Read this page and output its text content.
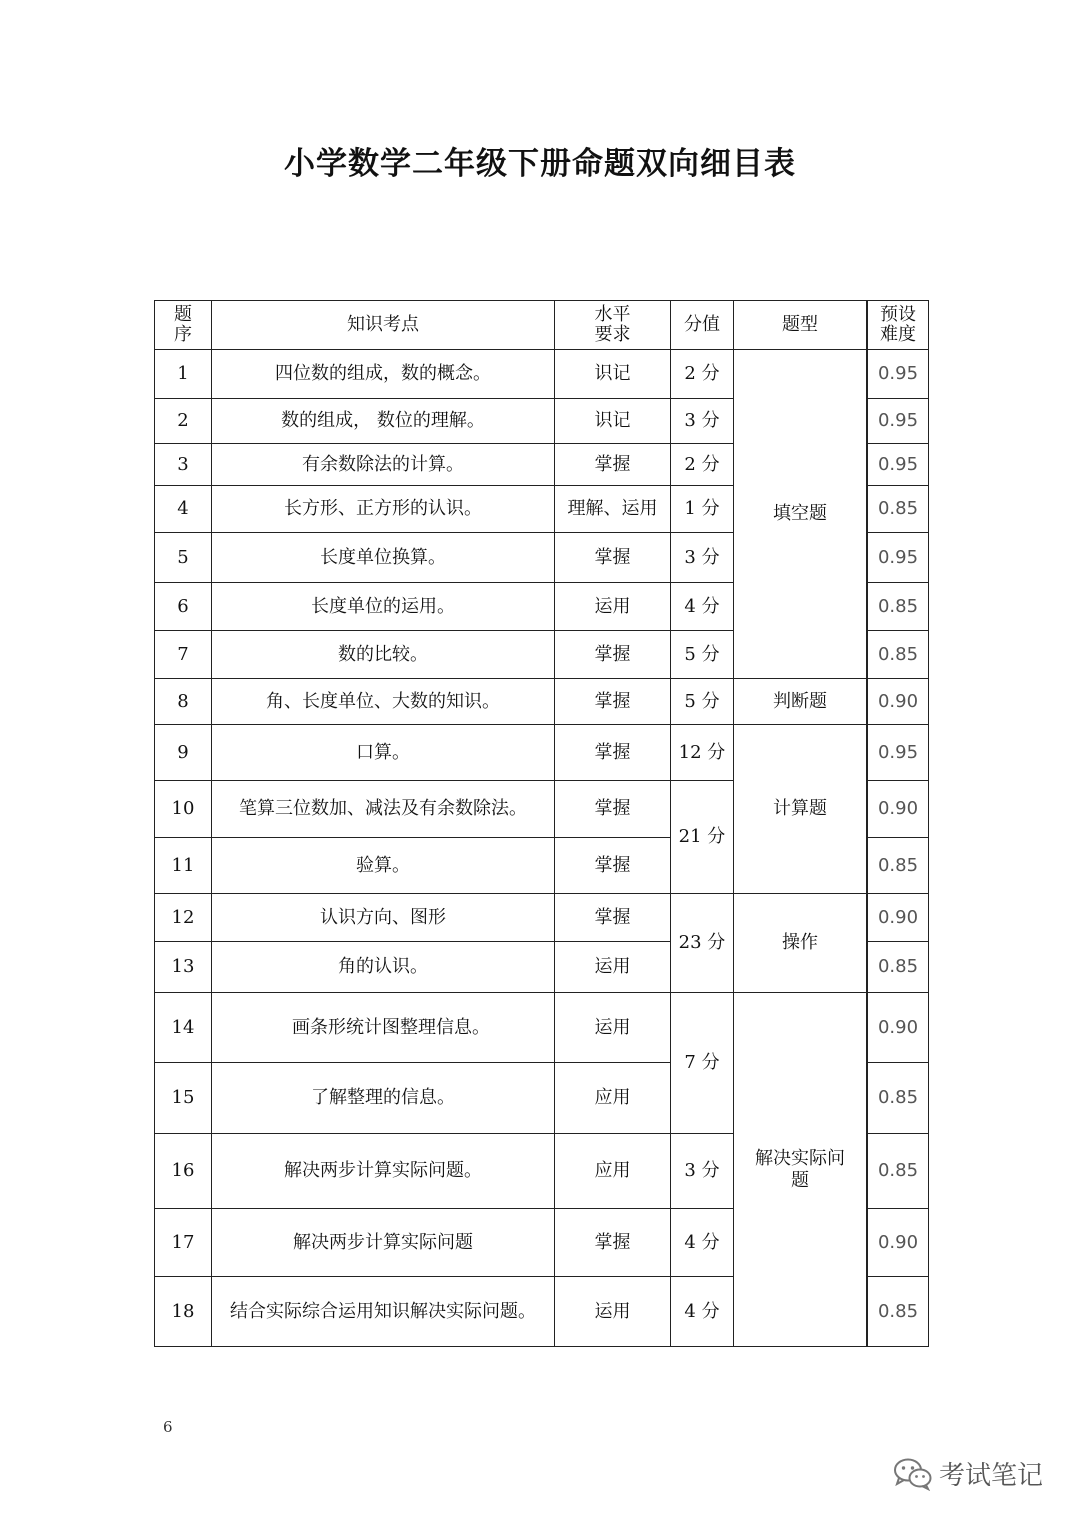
小学数学二年级下册命题双向细目表
题序	知识考点	水平要求	分值	题型		预设难度
1	四位数的组成，数的概念。	识记	2 分	填空题		0.95
2	数的组成， 数位的理解。	识记	3 分		0.95
3	有余数除法的计算。	掌握	2 分		0.95
4	长方形、正方形的认识。	理解、运用	1 分		0.85
5	长度单位换算。	掌握	3 分		0.95
6	长度单位的运用。	运用	4 分		0.85
7	数的比较。	掌握	5 分		0.85
8	角、长度单位、大数的知识。	掌握	5 分	判断题		0.90
9	口算。	掌握	12 分	计算题		0.95
10	笔算三位数加、减法及有余数除法。	掌握	21 分		0.90
11	验算。	掌握			0.85
12	认识方向、图形	掌握	23 分	操作		0.90
13	角的认识。	运用			0.85
14	画条形统计图整理信息。	运用	7 分	解决实际问题		0.90
15	了解整理的信息。	应用			0.85
16	解决两步计算实际问题。	应用	3 分		0.85
17	解决两步计算实际问题	掌握	4 分		0.90
18	结合实际综合运用知识解决实际问题。	运用	4 分		0.85
6
考试笔记
